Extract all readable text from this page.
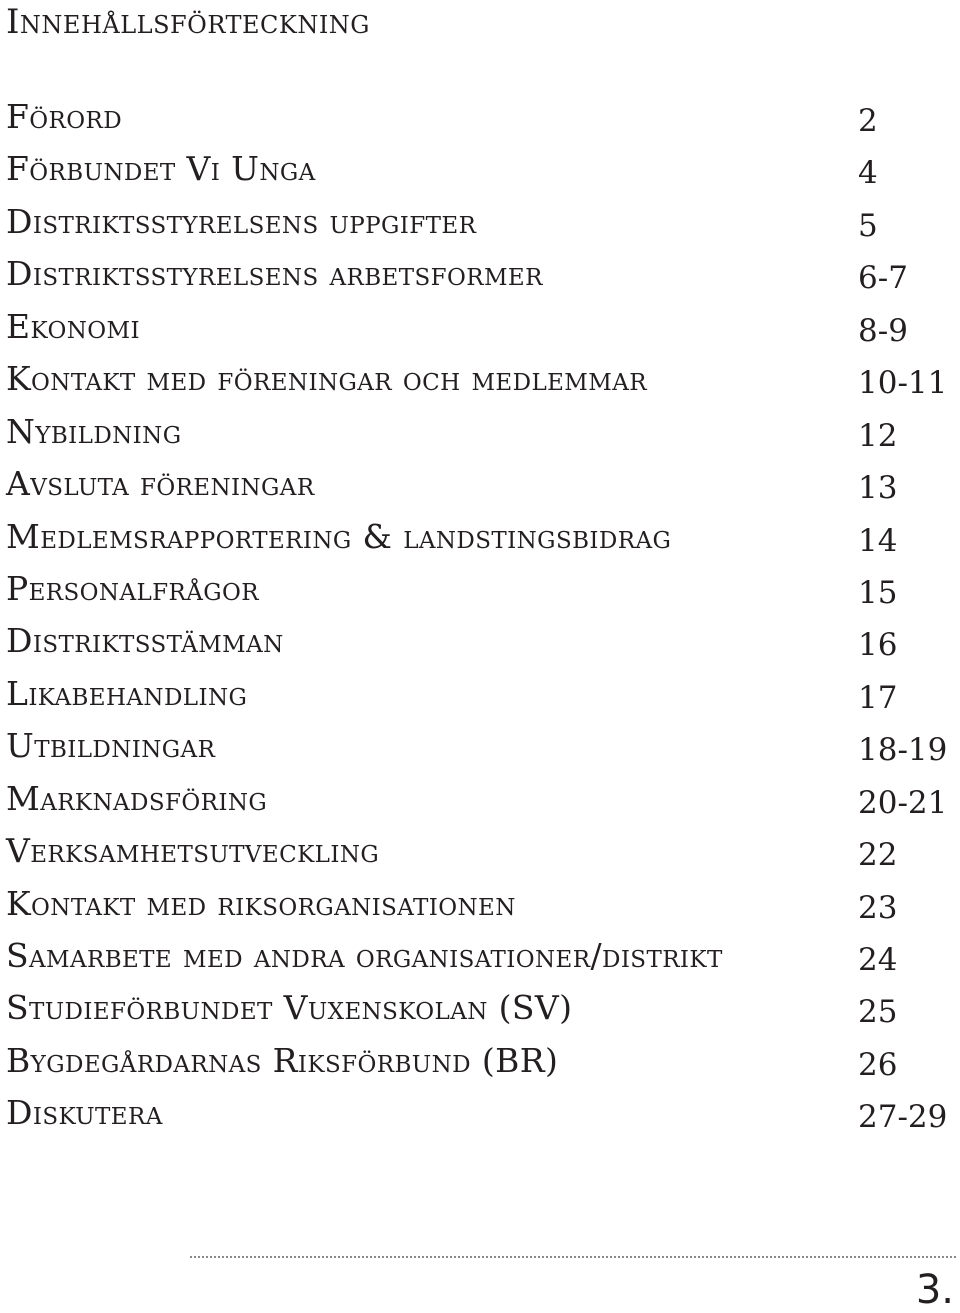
Innehållsförteckning
Förord	2
Förbundet Vi Unga	4
Distriktsstyrelsens uppgifter	5
Distriktsstyrelsens arbetsformer	6-7
Ekonomi	8-9
Kontakt med föreningar och medlemmar	10-11
Nybildning	12
Avsluta föreningar	13
Medlemsrapportering & landstingsbidrag	14
Personalfrågor	15
Distriktsstämman	16
Likabehandling	17
Utbildningar	18-19
Marknadsföring	20-21
Verksamhetsutveckling	22
Kontakt med riksorganisationen	23
Samarbete med andra organisationer/distrikt	24
Studieförbundet Vuxenskolan (SV)	25
Bygdegårdarnas Riksförbund (BR)	26
Diskutera	27-29
3.
